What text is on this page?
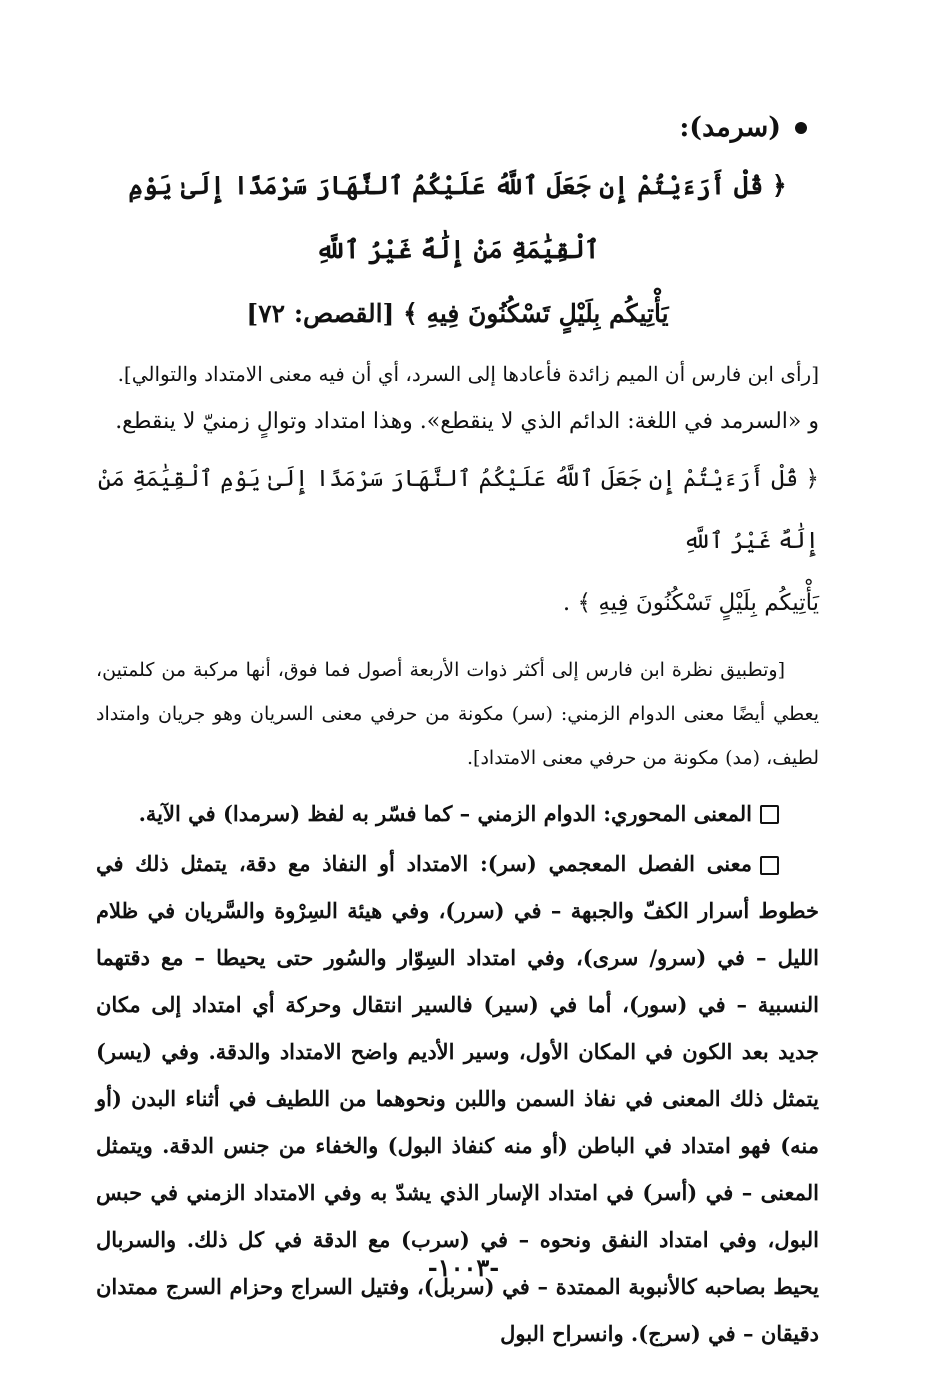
(سرمد):
﴿ قُلْ أَرَءَيْتُمْ إِن جَعَلَ ٱللَّهُ عَلَيْكُمُ ٱلنَّهَارَ سَرْمَدًا إِلَىٰ يَوْمِ ٱلْقِيَٰمَةِ مَنْ إِلَٰهٌ غَيْرُ ٱللَّهِ
يَأْتِيكُم بِلَيْلٍ تَسْكُنُونَ فِيهِ ﴾ [القصص: ٧٢]

[رأى ابن فارس أن الميم زائدة فأعادها إلى السرد، أي أن فيه معنى الامتداد والتوالي].

و «السرمد في اللغة: الدائم الذي لا ينقطع». وهذا امتداد وتوالٍ زمنيّ لا ينقطع.

﴿ قُلْ أَرَءَيْتُمْ إِن جَعَلَ ٱللَّهُ عَلَيْكُمُ ٱلنَّهَارَ سَرْمَدًا إِلَىٰ يَوْمِ ٱلْقِيَٰمَةِ مَنْ إِلَٰهٌ غَيْرُ ٱللَّهِ

يَأْتِيكُم بِلَيْلٍ تَسْكُنُونَ فِيهِ ﴾ .

[وتطبيق نظرة ابن فارس إلى أكثر ذوات الأربعة أصول فما فوق، أنها مركبة من كلمتين، يعطي أيضًا معنى الدوام الزمني: (سر) مكونة من حرفي معنى السريان وهو جريان وامتداد لطيف، (مد) مكونة من حرفي معنى الامتداد].

المعنى المحوري: الدوام الزمني – كما فسّر به لفظ (سرمدا) في الآية.
معنى الفصل المعجمي (سر): الامتداد أو النفاذ مع دقة، يتمثل ذلك في خطوط أسرار الكفّ والجبهة – في (سرر)، وفي هيئة السِرْوة والسَّريان في ظلام الليل – في (سرو/ سرى)، وفي امتداد السِوّار والسُور حتى يحيطا – مع دقتهما النسبية – في (سور)، أما في (سير) فالسير انتقال وحركة أي امتداد إلى مكان جديد بعد الكون في المكان الأول، وسير الأديم واضح الامتداد والدقة. وفي (يسر) يتمثل ذلك المعنى في نفاذ السمن واللبن ونحوهما من اللطيف في أثناء البدن (أو منه) فهو امتداد في الباطن (أو منه كنفاذ البول) والخفاء من جنس الدقة. ويتمثل المعنى – في (أسر) في امتداد الإسار الذي يشدّ به وفي الامتداد الزمني في حبس البول، وفي امتداد النفق ونحوه – في (سرب) مع الدقة في كل ذلك. والسربال يحيط بصاحبه كالأنبوبة الممتدة – في (سربل)، وفتيل السراج وحزام السرج ممتدان دقيقان – في (سرج). وانسراح البول
-١٠٠٣-
